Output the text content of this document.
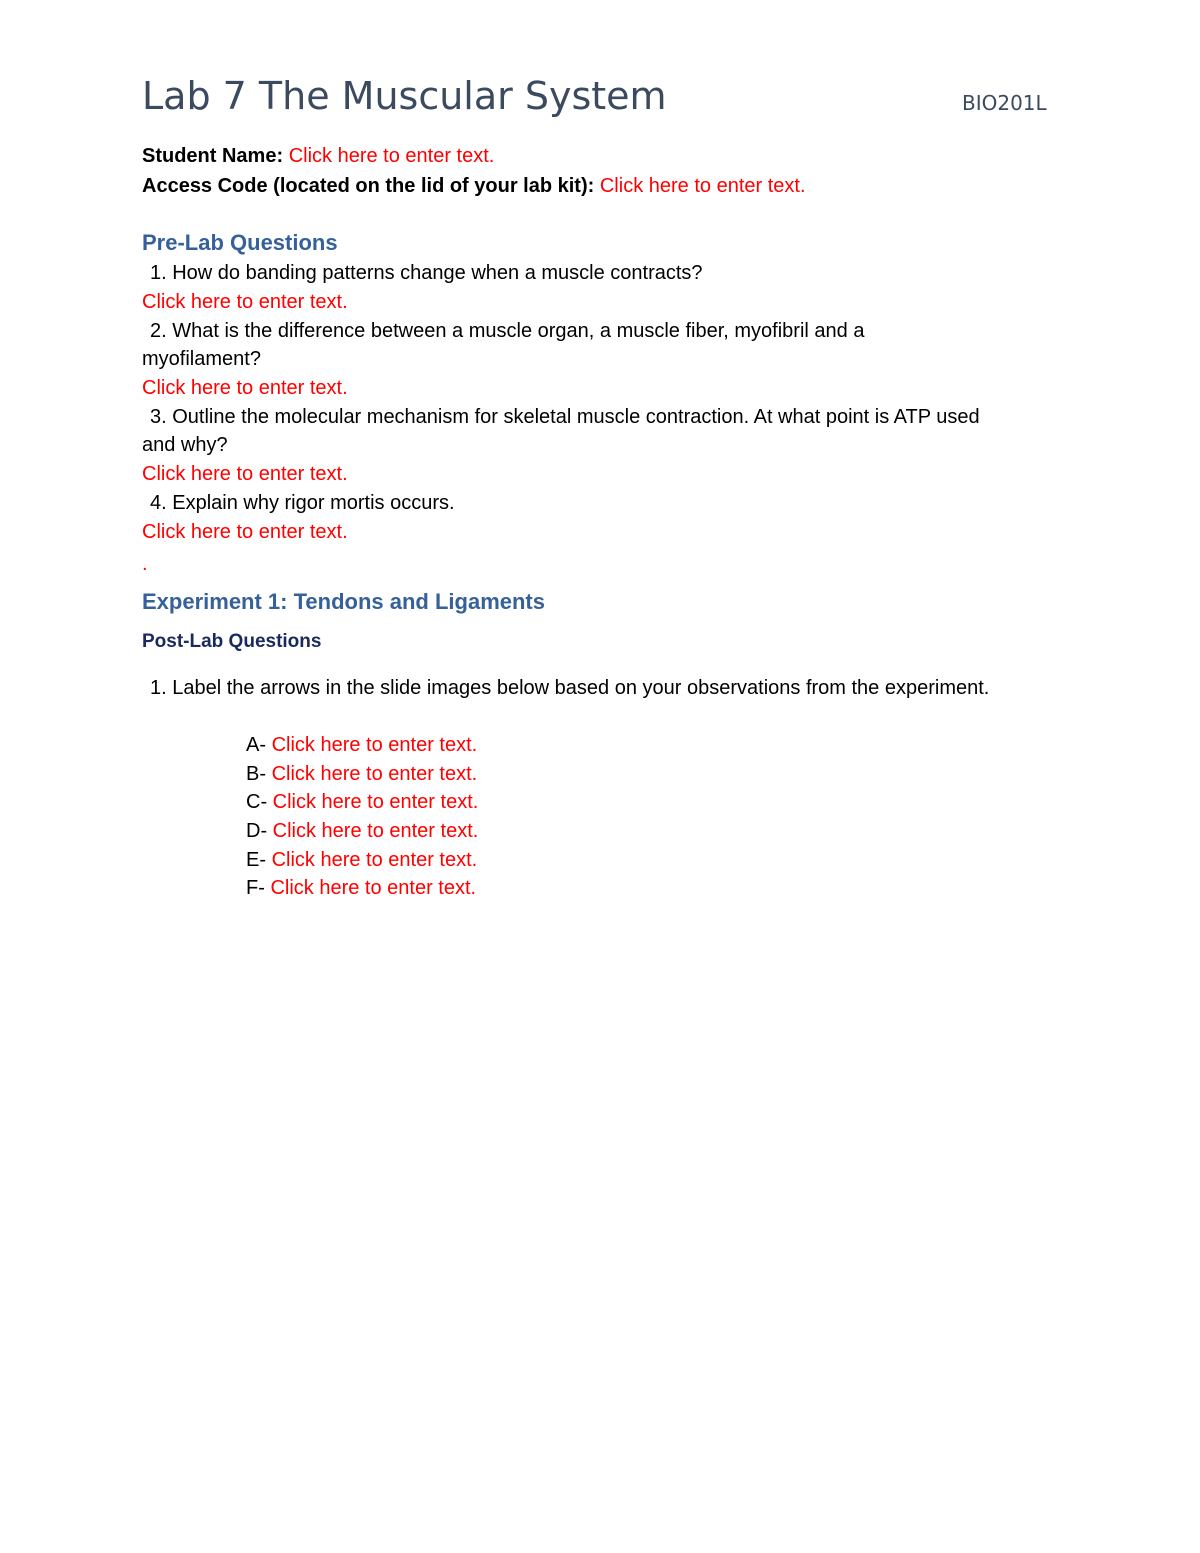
Lab 7 The Muscular System	BIO201L
Student Name: Click here to enter text.
Access Code (located on the lid of your lab kit): Click here to enter text.
Pre-Lab Questions
1. How do banding patterns change when a muscle contracts?
Click here to enter text.
2. What is the difference between a muscle organ, a muscle fiber, myofibril and a
myofilament?
Click here to enter text.
3. Outline the molecular mechanism for skeletal muscle contraction. At what point is ATP used
and why?
Click here to enter text.
4. Explain why rigor mortis occurs.
Click here to enter text.
.
Experiment 1: Tendons and Ligaments
Post-Lab Questions
1. Label the arrows in the slide images below based on your observations from the experiment.
A- Click here to enter text.
B- Click here to enter text.
C- Click here to enter text.
D- Click here to enter text.
E- Click here to enter text.
F- Click here to enter text.
